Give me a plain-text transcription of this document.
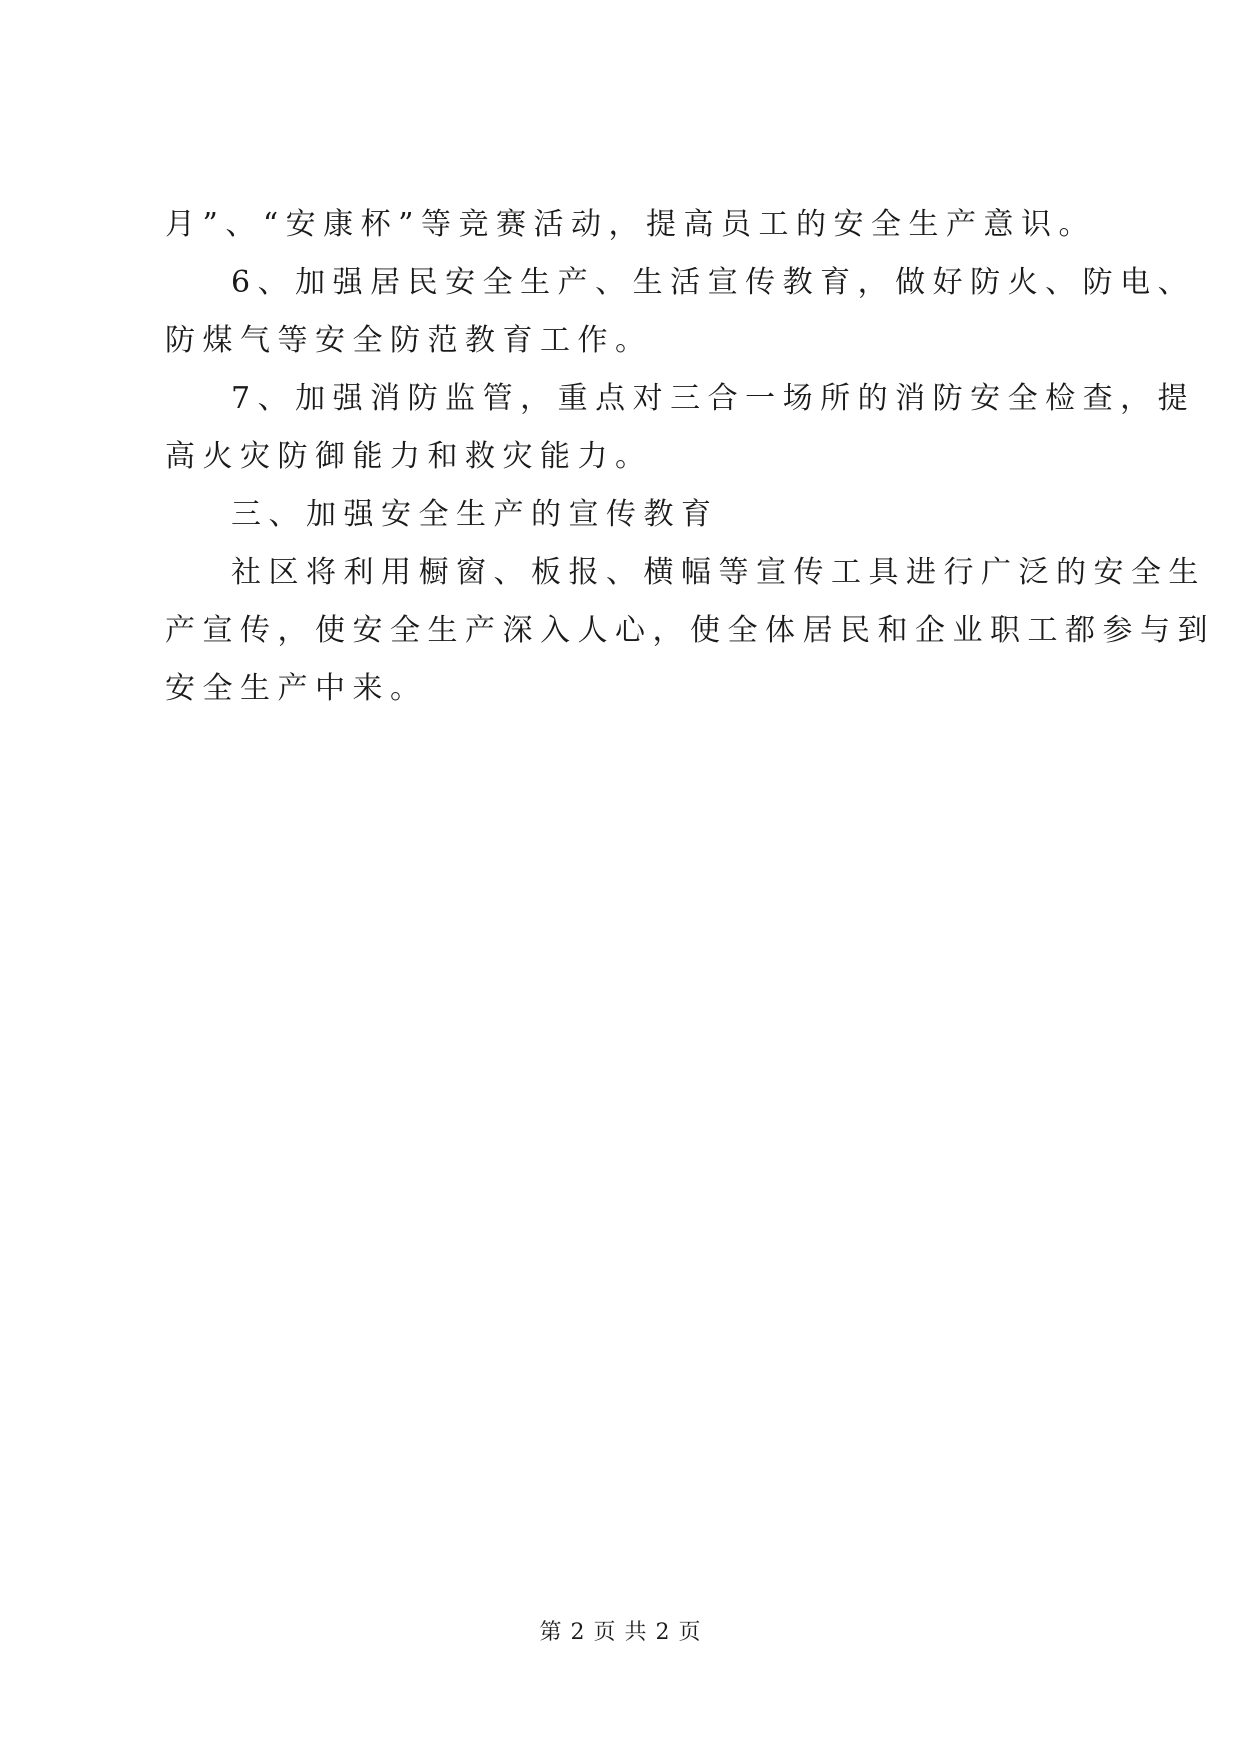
月”、“安康杯”等竞赛活动，提高员工的安全生产意识。
6、加强居民安全生产、生活宣传教育，做好防火、防电、
防煤气等安全防范教育工作。
7、加强消防监管，重点对三合一场所的消防安全检查，提
高火灾防御能力和救灾能力。
三、加强安全生产的宣传教育
社区将利用橱窗、板报、横幅等宣传工具进行广泛的安全生
产宣传，使安全生产深入人心，使全体居民和企业职工都参与到
安全生产中来。
第 2 页 共 2 页
